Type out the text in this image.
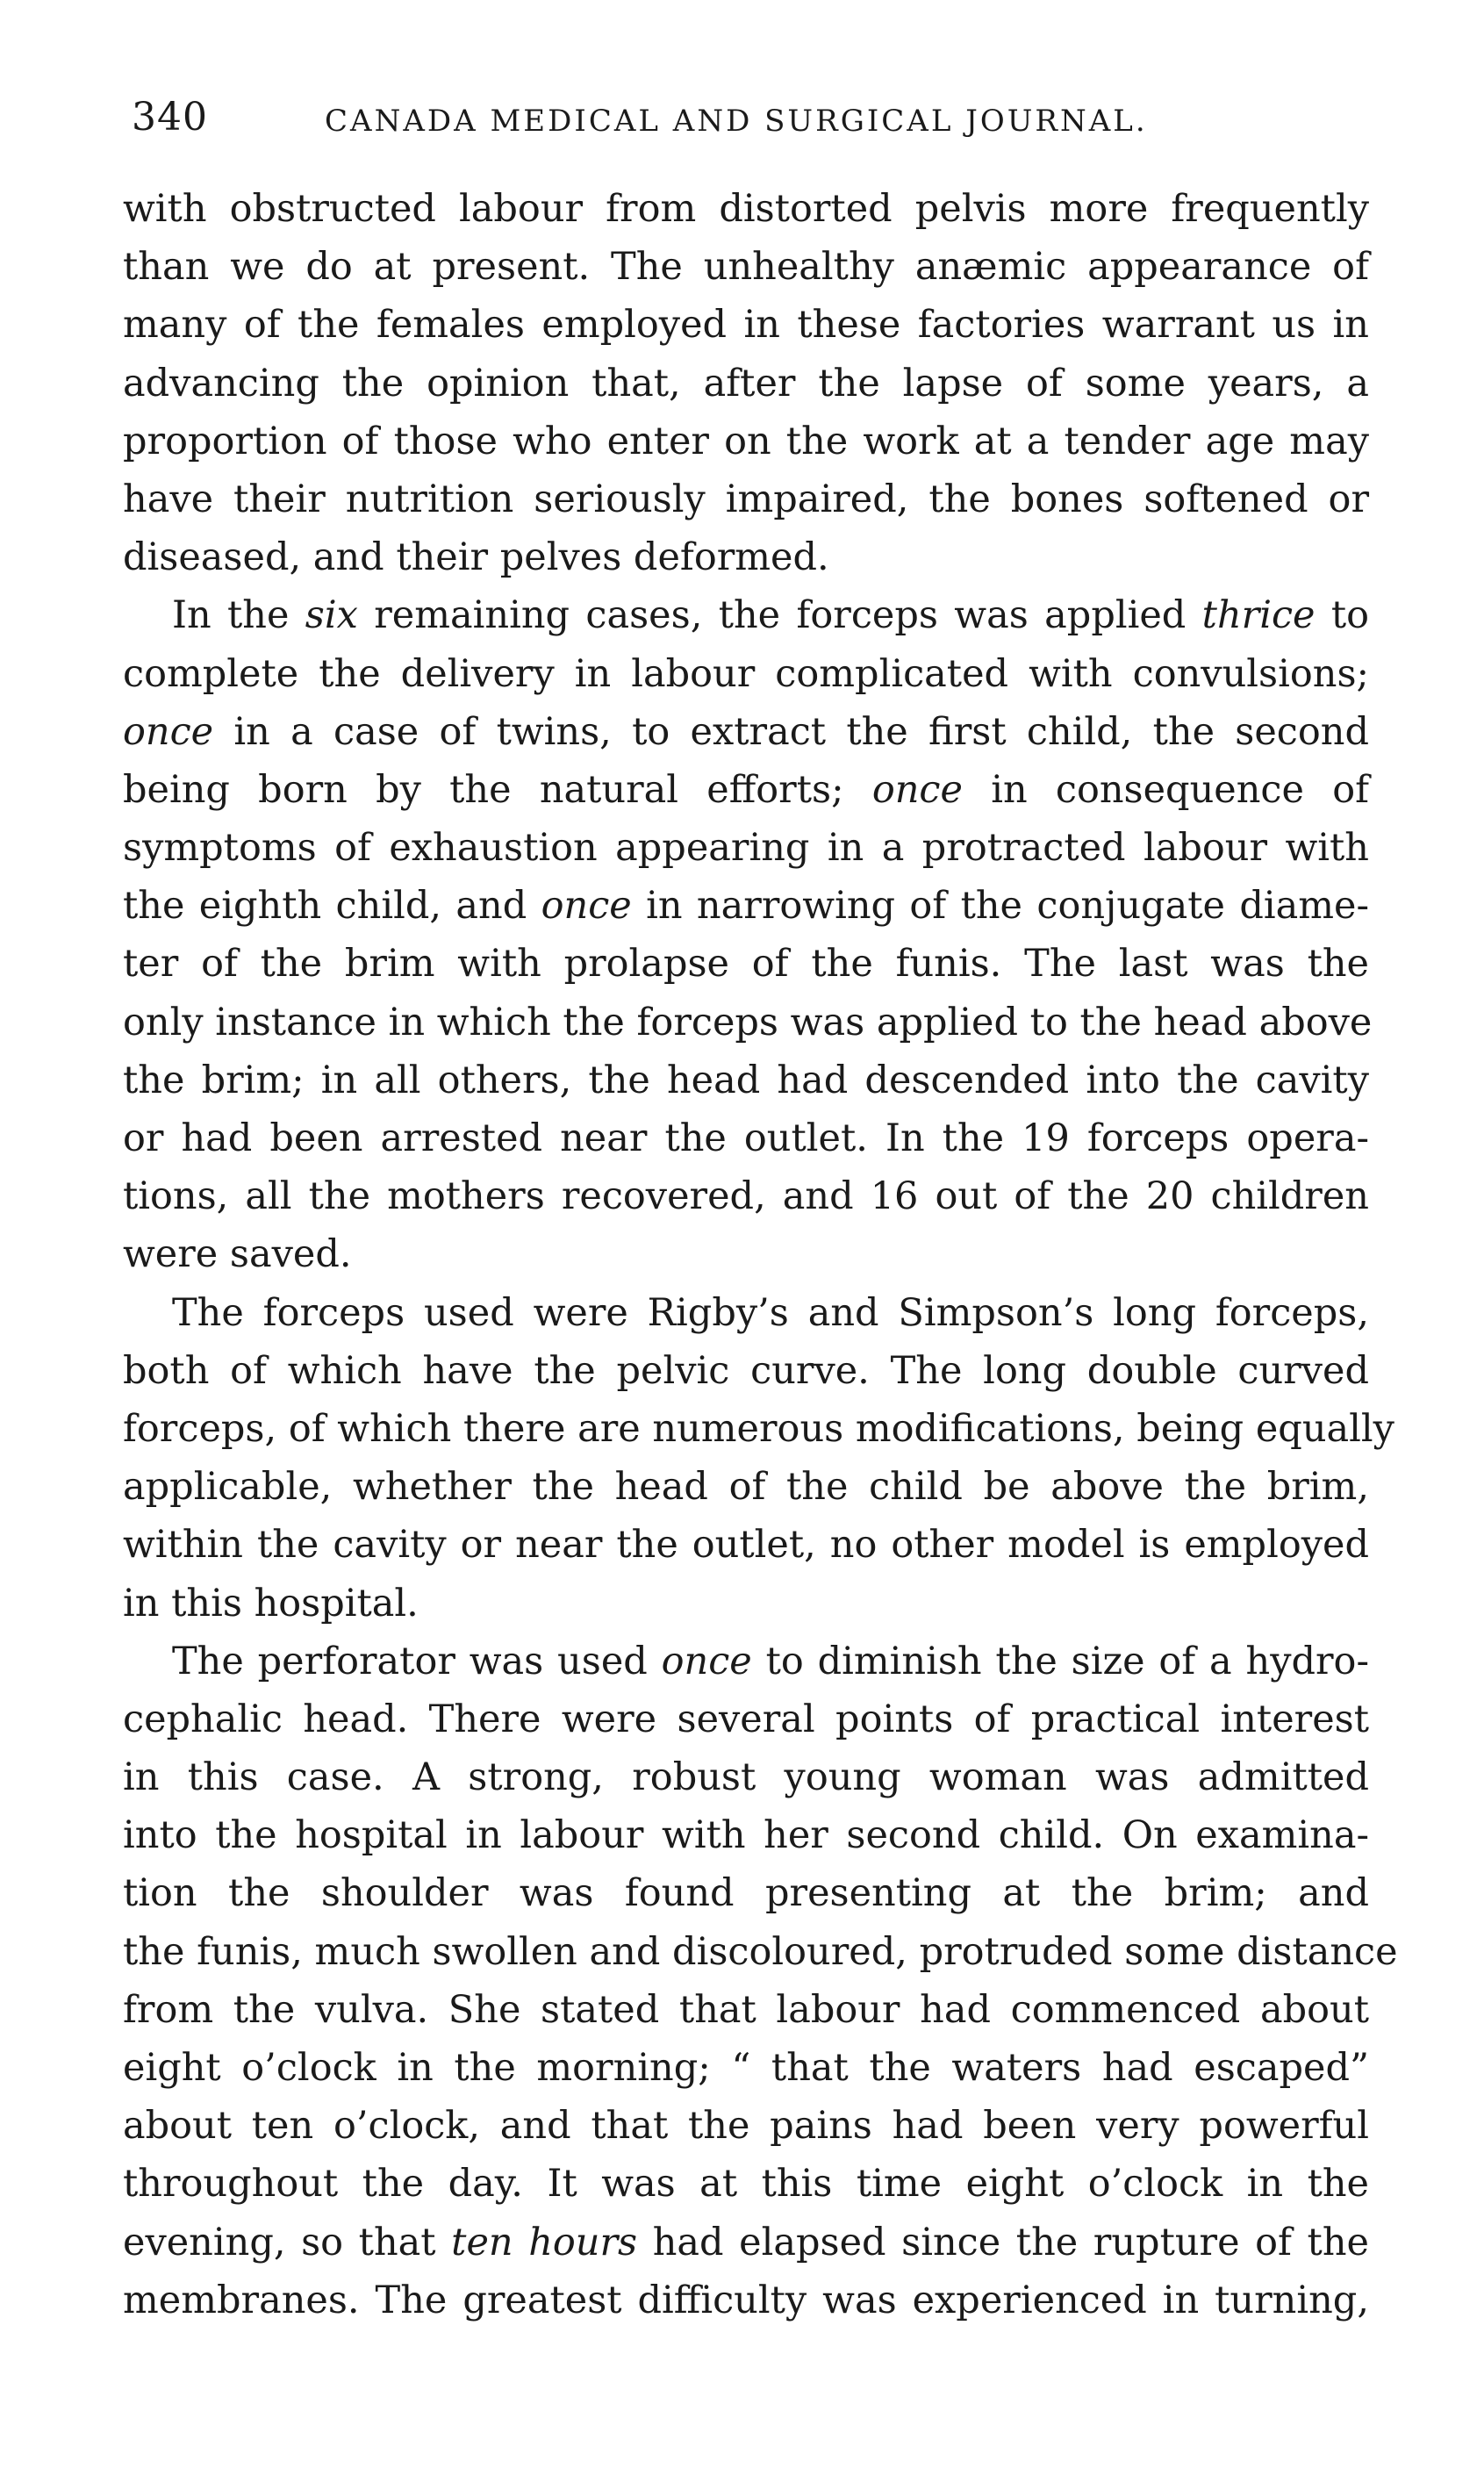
340	CANADA MEDICAL AND SURGICAL JOURNAL.
with obstructed labour from distorted pelvis more frequently
than we do at present. The unhealthy anæmic appearance of
many of the females employed in these factories warrant us in
advancing the opinion that, after the lapse of some years, a
proportion of those who enter on the work at a tender age may
have their nutrition seriously impaired, the bones softened or
diseased, and their pelves deformed.
In the six remaining cases, the forceps was applied thrice to
complete the delivery in labour complicated with convulsions;
once in a case of twins, to extract the first child, the second
being born by the natural efforts; once in consequence of
symptoms of exhaustion appearing in a protracted labour with
the eighth child, and once in narrowing of the conjugate diame-
ter of the brim with prolapse of the funis. The last was the
only instance in which the forceps was applied to the head above
the brim; in all others, the head had descended into the cavity
or had been arrested near the outlet. In the 19 forceps opera-
tions, all the mothers recovered, and 16 out of the 20 children
were saved.
The forceps used were Rigby’s and Simpson’s long forceps,
both of which have the pelvic curve. The long double curved
forceps, of which there are numerous modifications, being equally
applicable, whether the head of the child be above the brim,
within the cavity or near the outlet, no other model is employed
in this hospital.
The perforator was used once to diminish the size of a hydro-
cephalic head. There were several points of practical interest
in this case. A strong, robust young woman was admitted
into the hospital in labour with her second child. On examina-
tion the shoulder was found presenting at the brim; and
the funis, much swollen and discoloured, protruded some distance
from the vulva. She stated that labour had commenced about
eight o’clock in the morning; “ that the waters had escaped”
about ten o’clock, and that the pains had been very powerful
throughout the day. It was at this time eight o’clock in the
evening, so that ten hours had elapsed since the rupture of the
membranes. The greatest difficulty was experienced in turning,
